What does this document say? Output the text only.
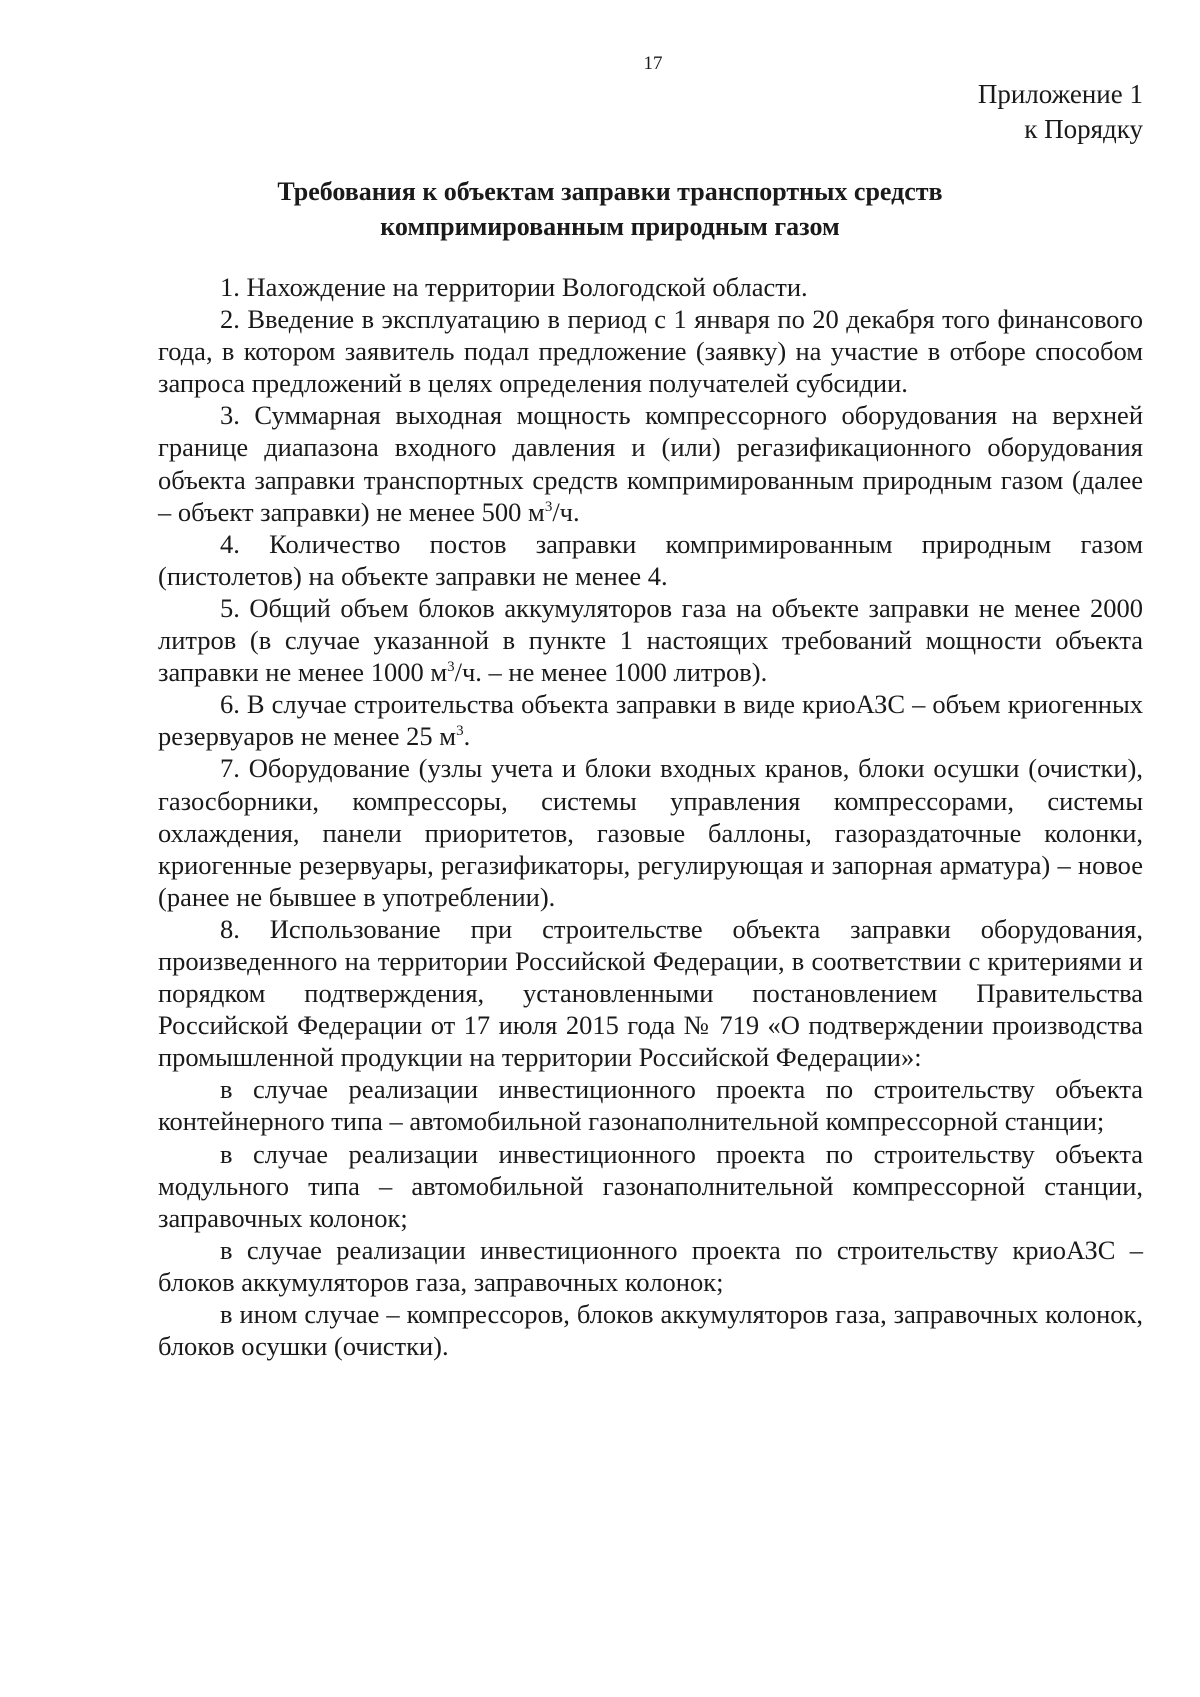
17
Приложение 1
к Порядку
Требования к объектам заправки транспортных средств
компримированным природным газом

1. Нахождение на территории Вологодской области.

2. Введение в эксплуатацию в период с 1 января по 20 декабря того финансового года, в котором заявитель подал предложение (заявку) на участие в отборе способом запроса предложений в целях определения получателей субсидии.

3. Суммарная выходная мощность компрессорного оборудования на верхней границе диапазона входного давления и (или) регазификационного оборудования объекта заправки транспортных средств компримированным природным газом (далее – объект заправки) не менее 500 $м^3/ч$.

4. Количество постов заправки компримированным природным газом (пистолетов) на объекте заправки не менее 4.

5. Общий объем блоков аккумуляторов газа на объекте заправки не менее 2000 литров (в случае указанной в пункте 1 настоящих требований мощности объекта заправки не менее 1000 $м^3/ч$. – не менее 1000 литров).

6. В случае строительства объекта заправки в виде криоАЗС – объем криогенных резервуаров не менее 25 $м^3$.

7. Оборудование (узлы учета и блоки входных кранов, блоки осушки (очистки), газосборники, компрессоры, системы управления компрессорами, системы охлаждения, панели приоритетов, газовые баллоны, газораздаточные колонки, криогенные резервуары, регазификаторы, регулирующая и запорная арматура) – новое (ранее не бывшее в употреблении).

8. Использование при строительстве объекта заправки оборудования, произведенного на территории Российской Федерации, в соответствии с критериями и порядком подтверждения, установленными постановлением Правительства Российской Федерации от 17 июля 2015 года № 719 «О подтверждении производства промышленной продукции на территории Российской Федерации»:

в случае реализации инвестиционного проекта по строительству объекта контейнерного типа – автомобильной газонаполнительной компрессорной станции;

в случае реализации инвестиционного проекта по строительству объекта модульного типа – автомобильной газонаполнительной компрессорной станции, заправочных колонок;

в случае реализации инвестиционного проекта по строительству криоАЗС – блоков аккумуляторов газа, заправочных колонок;

в ином случае – компрессоров, блоков аккумуляторов газа, заправочных колонок, блоков осушки (очистки).
